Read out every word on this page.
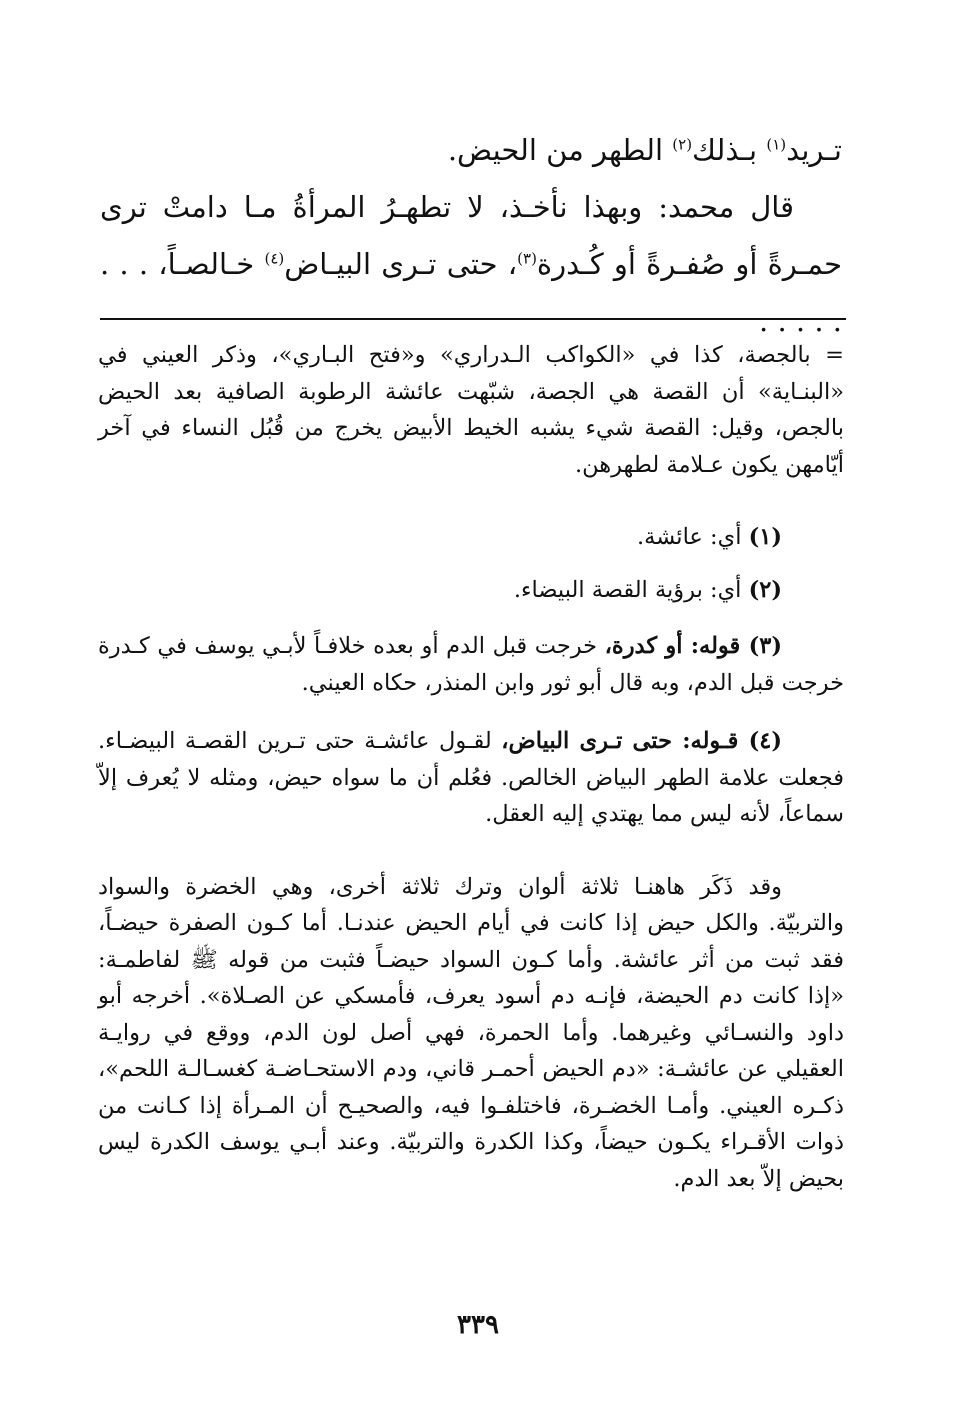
تـريد$^{(١)}$ بـذلك$^{(٢)}$ الطهر من الحيض.

قال محمد: وبهذا نأخـذ، لا تطهـرُ المرأةُ مـا دامتْ ترى حمـرةً أو صُفـرةً أو كُـدرة$^{(٣)}$، حتى تـرى البيـاض$^{(٤)}$ خـالصـاً، . . . . . . . .

= بالجصة، كذا في «الكواكب الـدراري» و«فتح البـاري»، وذكر العيني في «البنـاية» أن القصة هي الجصة، شبّهت عائشة الرطوبة الصافية بعد الحيض بالجص، وقيل: القصة شيء يشبه الخيط الأبيض يخرج من قُبُل النساء في آخر أيّامهن يكون عـلامة لطهرهن.

(١) أي: عائشة.

(٢) أي: برؤية القصة البيضاء.

(٣) قوله: أو كدرة، خرجت قبل الدم أو بعده خلافـاً لأبـي يوسف في كـدرة خرجت قبل الدم، وبه قال أبو ثور وابن المنذر، حكاه العيني.

(٤) قـوله: حتى تـرى البياض، لقـول عائشـة حتى تـرين القصـة البيضـاء. فجعلت علامة الطهر البياض الخالص. فعُلم أن ما سواه حيض، ومثله لا يُعرف إلاّ سماعاً، لأنه ليس مما يهتدي إليه العقل.

وقد ذَكَر هاهنـا ثلاثة ألوان وترك ثلاثة أخرى، وهي الخضرة والسواد والتربيّة. والكل حيض إذا كانت في أيام الحيض عندنـا. أما كـون الصفرة حيضـاً، فقد ثبت من أثر عائشة. وأما كـون السواد حيضـاً فثبت من قوله ﷺ لفاطمـة: «إذا كانت دم الحيضة، فإنـه دم أسود يعرف، فأمسكي عن الصـلاة». أخرجه أبو داود والنسـائي وغيرهما. وأما الحمرة، فهي أصل لون الدم، ووقع في روايـة العقيلي عن عائشـة: «دم الحيض أحمـر قاني، ودم الاستحـاضـة كغسـالـة اللحم»، ذكـره العيني. وأمـا الخضـرة، فاختلفـوا فيه، والصحيـح أن المـرأة إذا كـانت من ذوات الأقـراء يكـون حيضاً، وكذا الكدرة والتربيّة. وعند أبـي يوسف الكدرة ليس بحيض إلاّ بعد الدم.

٣٣٩
